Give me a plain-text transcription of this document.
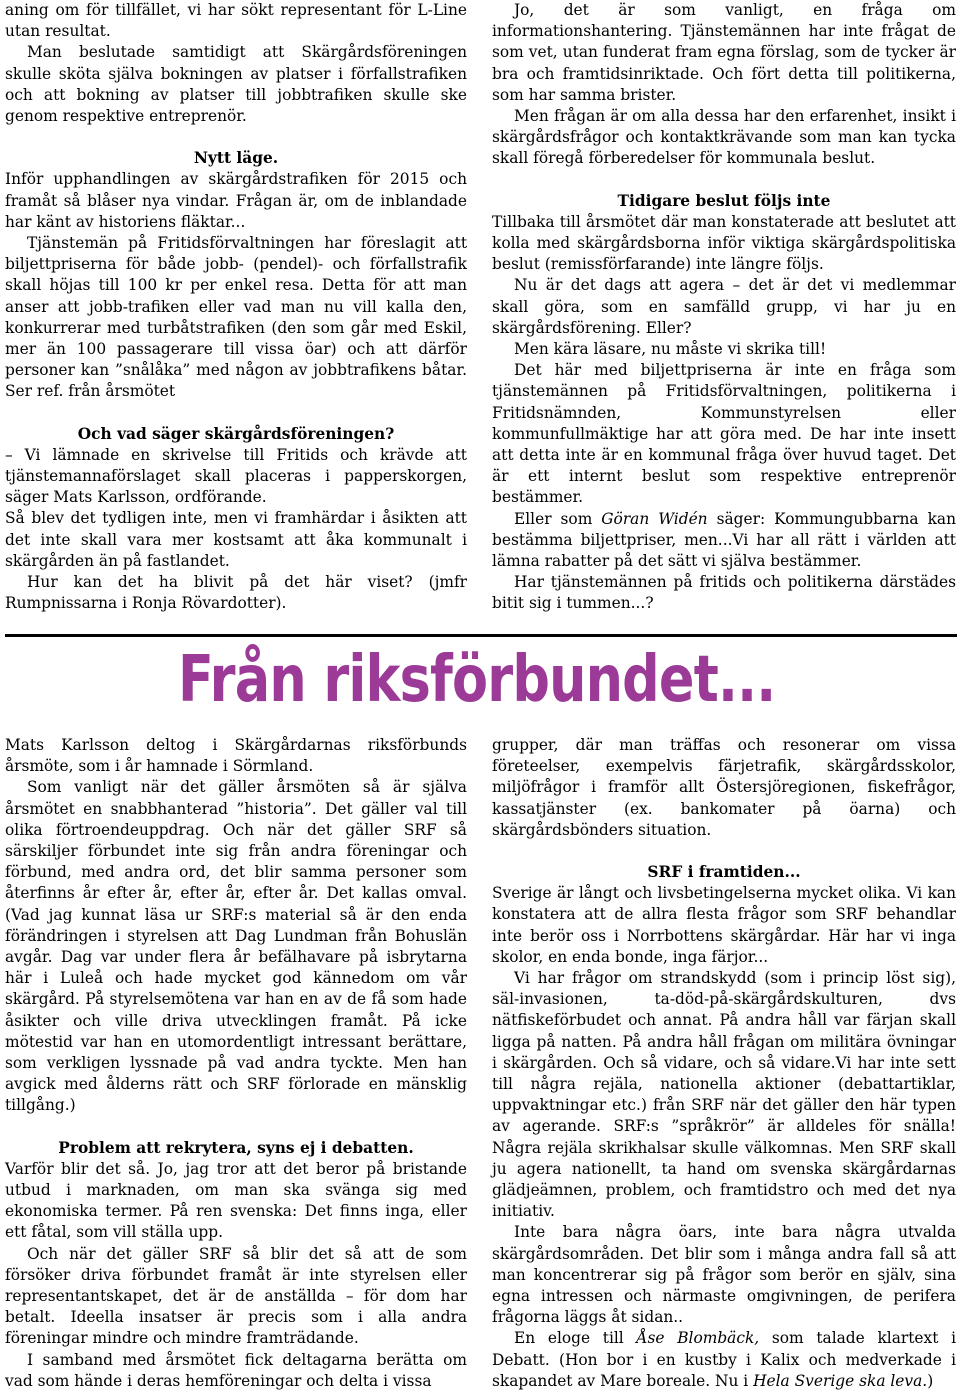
aning om för tillfället, vi har sökt representant för L-Line utan resultat.

Man beslutade samtidigt att Skärgårdsföreningen skulle sköta själva bokningen av platser i förfallstrafiken och att bokning av platser till jobbtrafiken skulle ske genom respektive entreprenör.

Nytt läge.

Inför upphandlingen av skärgårdstrafiken för 2015 och framåt så blåser nya vindar. Frågan är, om de inblandade har känt av historiens fläktar...

Tjänstemän på Fritidsförvaltningen har föreslagit att biljettpriserna för både jobb- (pendel)- och förfallstrafik skall höjas till 100 kr per enkel resa. Detta för att man anser att jobb-trafiken eller vad man nu vill kalla den, konkurrerar med turbåtstrafiken (den som går med Eskil, mer än 100 passagerare till vissa öar) och att därför personer kan ”snålåka” med någon av jobbtrafikens båtar. Ser ref. från årsmötet

Och vad säger skärgårdsföreningen?

– Vi lämnade en skrivelse till Fritids och krävde att tjänstemannaförslaget skall placeras i papperskorgen, säger Mats Karlsson, ordförande.

Så blev det tydligen inte, men vi framhärdar i åsikten att det inte skall vara mer kostsamt att åka kommunalt i skärgården än på fastlandet.

Hur kan det ha blivit på det här viset? (jmfr Rumpnissarna i Ronja Rövardotter).

Jo, det är som vanligt, en fråga om informationshantering. Tjänstemännen har inte frågat de som vet, utan funderat fram egna förslag, som de tycker är bra och framtidsinriktade. Och fört detta till politikerna, som har samma brister.

Men frågan är om alla dessa har den erfarenhet, insikt i skärgårdsfrågor och kontaktkrävande som man kan tycka skall föregå förberedelser för kommunala beslut.

Tidigare beslut följs inte

Tillbaka till årsmötet där man konstaterade att beslutet att kolla med skärgårdsborna inför viktiga skärgårdspolitiska beslut (remissförfarande) inte längre följs.

Nu är det dags att agera – det är det vi medlemmar skall göra, som en samfälld grupp, vi har ju en skärgårdsförening. Eller?

Men kära läsare, nu måste vi skrika till!

Det här med biljettpriserna är inte en fråga som tjänstemännen på Fritidsförvaltningen, politikerna i Fritidsnämnden, Kommunstyrelsen eller kommunfullmäktige har att göra med. De har inte insett att detta inte är en kommunal fråga över huvud taget. Det är ett internt beslut som respektive entreprenör bestämmer.

Eller som Göran Widén säger: Kommungubbarna kan bestämma biljettpriser, men...Vi har all rätt i världen att lämna rabatter på det sätt vi själva bestämmer.

Har tjänstemännen på fritids och politikerna därstädes bitit sig i tummen...?

Från riksförbundet...

Mats Karlsson deltog i Skärgårdarnas riksförbunds årsmöte, som i år hamnade i Sörmland.

Som vanligt när det gäller årsmöten så är själva årsmötet en snabbhanterad ”historia”. Det gäller val till olika förtroendeuppdrag. Och när det gäller SRF så särskiljer förbundet inte sig från andra föreningar och förbund, med andra ord, det blir samma personer som återfinns år efter år, efter år, efter år. Det kallas omval. (Vad jag kunnat läsa ur SRF:s material så är den enda förändringen i styrelsen att Dag Lundman från Bohuslän avgår. Dag var under flera år befälhavare på isbrytarna här i Luleå och hade mycket god kännedom om vår skärgård. På styrelsemötena var han en av de få som hade åsikter och ville driva utvecklingen framåt. På icke mötestid var han en utomordentligt intressant berättare, som verkligen lyssnade på vad andra tyckte. Men han avgick med ålderns rätt och SRF förlorade en mänsklig tillgång.)

Problem att rekrytera, syns ej i debatten.

Varför blir det så. Jo, jag tror att det beror på bristande utbud i marknaden, om man ska svänga sig med ekonomiska termer. På ren svenska: Det finns inga, eller ett fåtal, som vill ställa upp.

Och när det gäller SRF så blir det så att de som försöker driva förbundet framåt är inte styrelsen eller representantskapet, det är de anställda – för dom har betalt. Ideella insatser är precis som i alla andra föreningar mindre och mindre framträdande.

I samband med årsmötet fick deltagarna berätta om vad som hände i deras hemföreningar och delta i vissa

grupper, där man träffas och resonerar om vissa företeelser, exempelvis färjetrafik, skärgårdsskolor, miljöfrågor i framför allt Östersjöregionen, fiskefrågor, kassatjänster (ex. bankomater på öarna) och skärgårdsbönders situation.

SRF i framtiden...

Sverige är långt och livsbetingelserna mycket olika. Vi kan konstatera att de allra flesta frågor som SRF behandlar inte berör oss i Norrbottens skärgårdar. Här har vi inga skolor, en enda bonde, inga färjor...

Vi har frågor om strandskydd (som i princip löst sig), säl-invasionen, ta-död-på-skärgårdskulturen, dvs nätfiskeförbudet och annat. På andra håll var färjan skall ligga på natten. På andra håll frågan om militära övningar i skärgården. Och så vidare, och så vidare.Vi har inte sett till några rejäla, nationella aktioner (debattartiklar, uppvaktningar etc.) från SRF när det gäller den här typen av agerande. SRF:s ”språkrör” är alldeles för snälla! Några rejäla skrikhalsar skulle välkomnas. Men SRF skall ju agera nationellt, ta hand om svenska skärgårdarnas glädjeämnen, problem, och framtidstro och med det nya initiativ.

Inte bara några öars, inte bara några utvalda skärgårdsområden. Det blir som i många andra fall så att man koncentrerar sig på frågor som berör en själv, sina egna intressen och närmaste omgivningen, de perifera frågorna läggs åt sidan..

En eloge till Åse Blombäck, som talade klartext i Debatt. (Hon bor i en kustby i Kalix och medverkade i skapandet av Mare boreale. Nu i Hela Sverige ska leva.)
